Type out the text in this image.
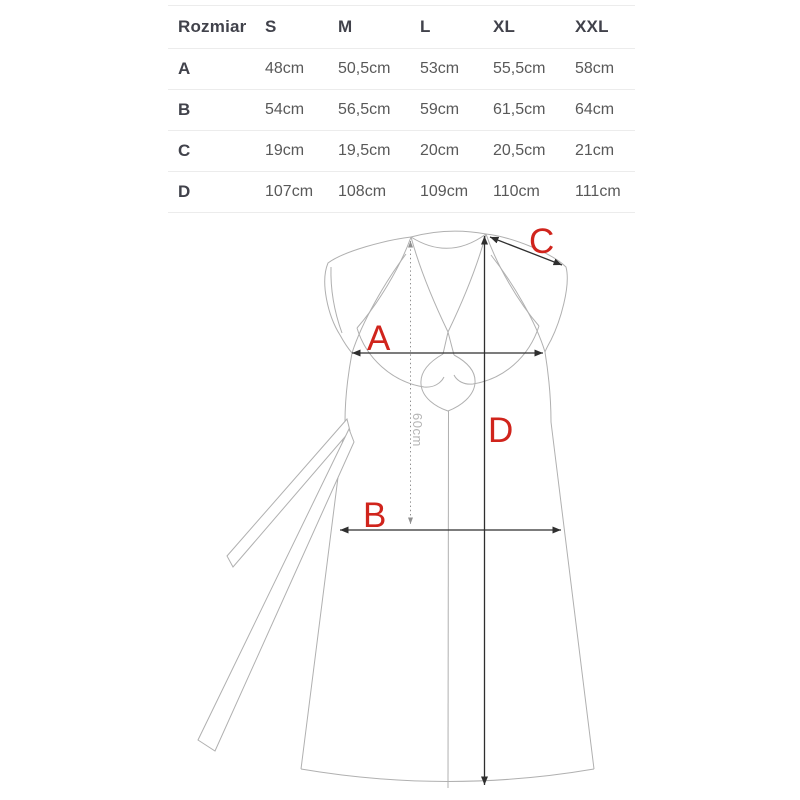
Rozmiar	S	M	L	XL	XXL
A	48cm	50,5cm	53cm	55,5cm	58cm
B	54cm	56,5cm	59cm	61,5cm	64cm
C	19cm	19,5cm	20cm	20,5cm	21cm
D	107cm	108cm	109cm	110cm	111cm
A
B
C
D
60cm
